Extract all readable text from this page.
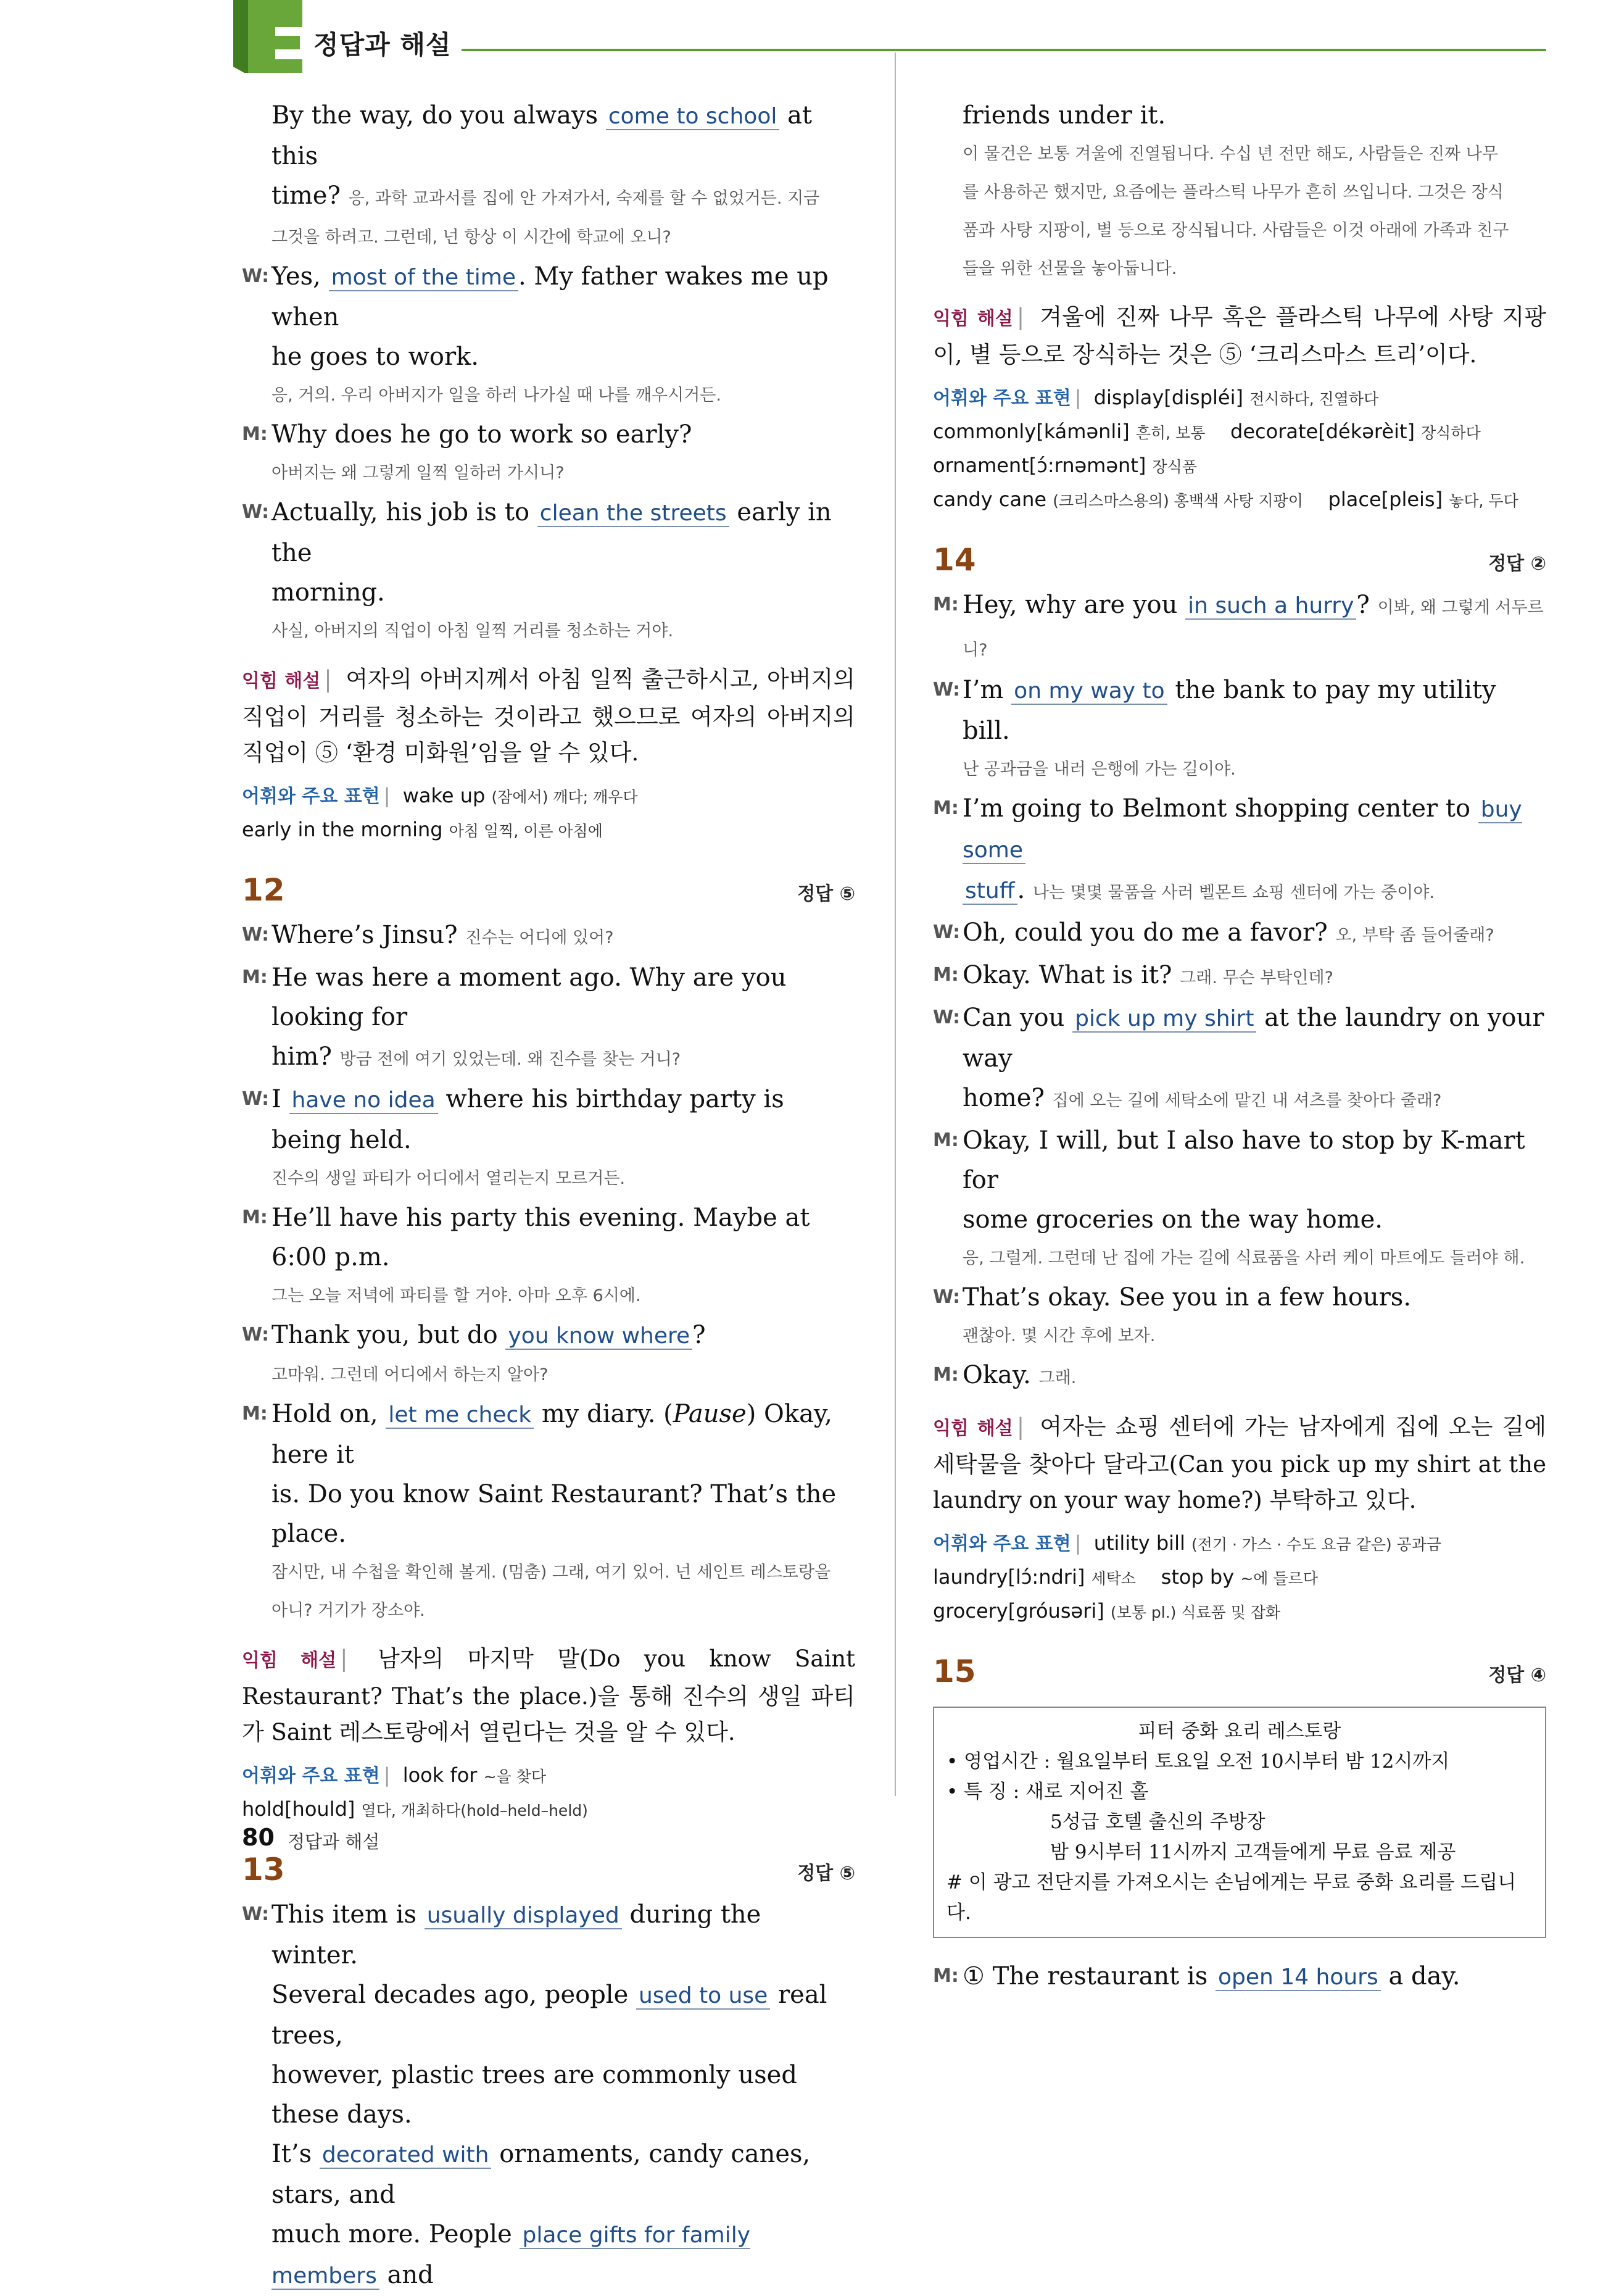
정답과 해설
By the way, do you always come to school at this
time? 응, 과학 교과서를 집에 안 가져가서, 숙제를 할 수 없었거든. 지금
그것을 하려고. 그런데, 넌 항상 이 시간에 학교에 오니?
W: Yes, most of the time . My father wakes me up when
he goes to work.
응, 거의. 우리 아버지가 일을 하러 나가실 때 나를 깨우시거든.
M: Why does he go to work so early?
아버지는 왜 그렇게 일찍 일하러 가시니?
W: Actually, his job is to clean the streets early in the
morning.
사실, 아버지의 직업이 아침 일찍 거리를 청소하는 거야.
익힘 해설 | 여자의 아버지께서 아침 일찍 출근하시고, 아버지의 직업이 거리를 청소하는 것이라고 했으므로 여자의 아버지의 직업이 ⑤ ‘환경 미화원’임을 알 수 있다.
어휘와 주요 표현 | wake up (잠에서) 깨다; 깨우다
early in the morning 아침 일찍, 이른 아침에
12	정답 ⑤
W: Where’s Jinsu? 진수는 어디에 있어?
M: He was here a moment ago. Why are you looking for
him? 방금 전에 여기 있었는데. 왜 진수를 찾는 거니?
W: I have no idea where his birthday party is being held.
진수의 생일 파티가 어디에서 열리는지 모르거든.
M: He’ll have his party this evening. Maybe at 6:00 p.m.
그는 오늘 저녁에 파티를 할 거야. 아마 오후 6시에.
W: Thank you, but do you know where ?
고마워. 그런데 어디에서 하는지 알아?
M: Hold on, let me check my diary. (Pause) Okay, here it
is. Do you know Saint Restaurant? That’s the place.
잠시만, 내 수첩을 확인해 볼게. (멈춤) 그래, 여기 있어. 넌 세인트 레스토랑을
아니? 거기가 장소야.
익힘 해설 | 남자의 마지막 말(Do you know Saint Restaurant? That’s the place.)을 통해 진수의 생일 파티가 Saint 레스토랑에서 열린다는 것을 알 수 있다.
어휘와 주요 표현 | look for ~을 찾다
hold[hould] 열다, 개최하다(hold–held–held)
13	정답 ⑤
W: This item is usually displayed during the winter.
Several decades ago, people used to use real trees,
however, plastic trees are commonly used these days.
It’s decorated with ornaments, candy canes, stars, and
much more. People place gifts for family members and
friends under it.
이 물건은 보통 겨울에 진열됩니다. 수십 년 전만 해도, 사람들은 진짜 나무
를 사용하곤 했지만, 요즘에는 플라스틱 나무가 흔히 쓰입니다. 그것은 장식
품과 사탕 지팡이, 별 등으로 장식됩니다. 사람들은 이것 아래에 가족과 친구
들을 위한 선물을 놓아둡니다.
익힘 해설 | 겨울에 진짜 나무 혹은 플라스틱 나무에 사탕 지팡이, 별 등으로 장식하는 것은 ⑤ ‘크리스마스 트리’이다.
어휘와 주요 표현 | display[displéi] 전시하다, 진열하다
commonly[kámənli] 흔히, 보통 decorate[dékərèit] 장식하다
ornament[ɔ́:rnəmənt] 장식품
candy cane (크리스마스용의) 홍백색 사탕 지팡이 place[pleis] 놓다, 두다
14	정답 ②
M: Hey, why are you in such a hurry ? 이봐, 왜 그렇게 서두르니?
W: I’m on my way to the bank to pay my utility bill.
난 공과금을 내러 은행에 가는 길이야.
M: I’m going to Belmont shopping center to buy some
stuff . 나는 몇몇 물품을 사러 벨몬트 쇼핑 센터에 가는 중이야.
W: Oh, could you do me a favor? 오, 부탁 좀 들어줄래?
M: Okay. What is it? 그래. 무슨 부탁인데?
W: Can you pick up my shirt at the laundry on your way
home? 집에 오는 길에 세탁소에 맡긴 내 셔츠를 찾아다 줄래?
M: Okay, I will, but I also have to stop by K-mart for
some groceries on the way home.
응, 그럴게. 그런데 난 집에 가는 길에 식료품을 사러 케이 마트에도 들러야 해.
W: That’s okay. See you in a few hours.
괜찮아. 몇 시간 후에 보자.
M: Okay. 그래.
익힘 해설 | 여자는 쇼핑 센터에 가는 남자에게 집에 오는 길에 세탁물을 찾아다 달라고(Can you pick up my shirt at the laundry on your way home?) 부탁하고 있다.
어휘와 주요 표현 | utility bill (전기 · 가스 · 수도 요금 같은) 공과금
laundry[lɔ́:ndri] 세탁소 stop by ~에 들르다
grocery[gróusəri] (보통 pl.) 식료품 및 잡화
15	정답 ④
피터 중화 요리 레스토랑
• 영업시간 : 월요일부터 토요일 오전 10시부터 밤 12시까지
• 특 징 : 새로 지어진 홀
5성급 호텔 출신의 주방장
밤 9시부터 11시까지 고객들에게 무료 음료 제공
# 이 광고 전단지를 가져오시는 손님에게는 무료 중화 요리를 드립니다.
M: ① The restaurant is open 14 hours a day.
80 정답과 해설
